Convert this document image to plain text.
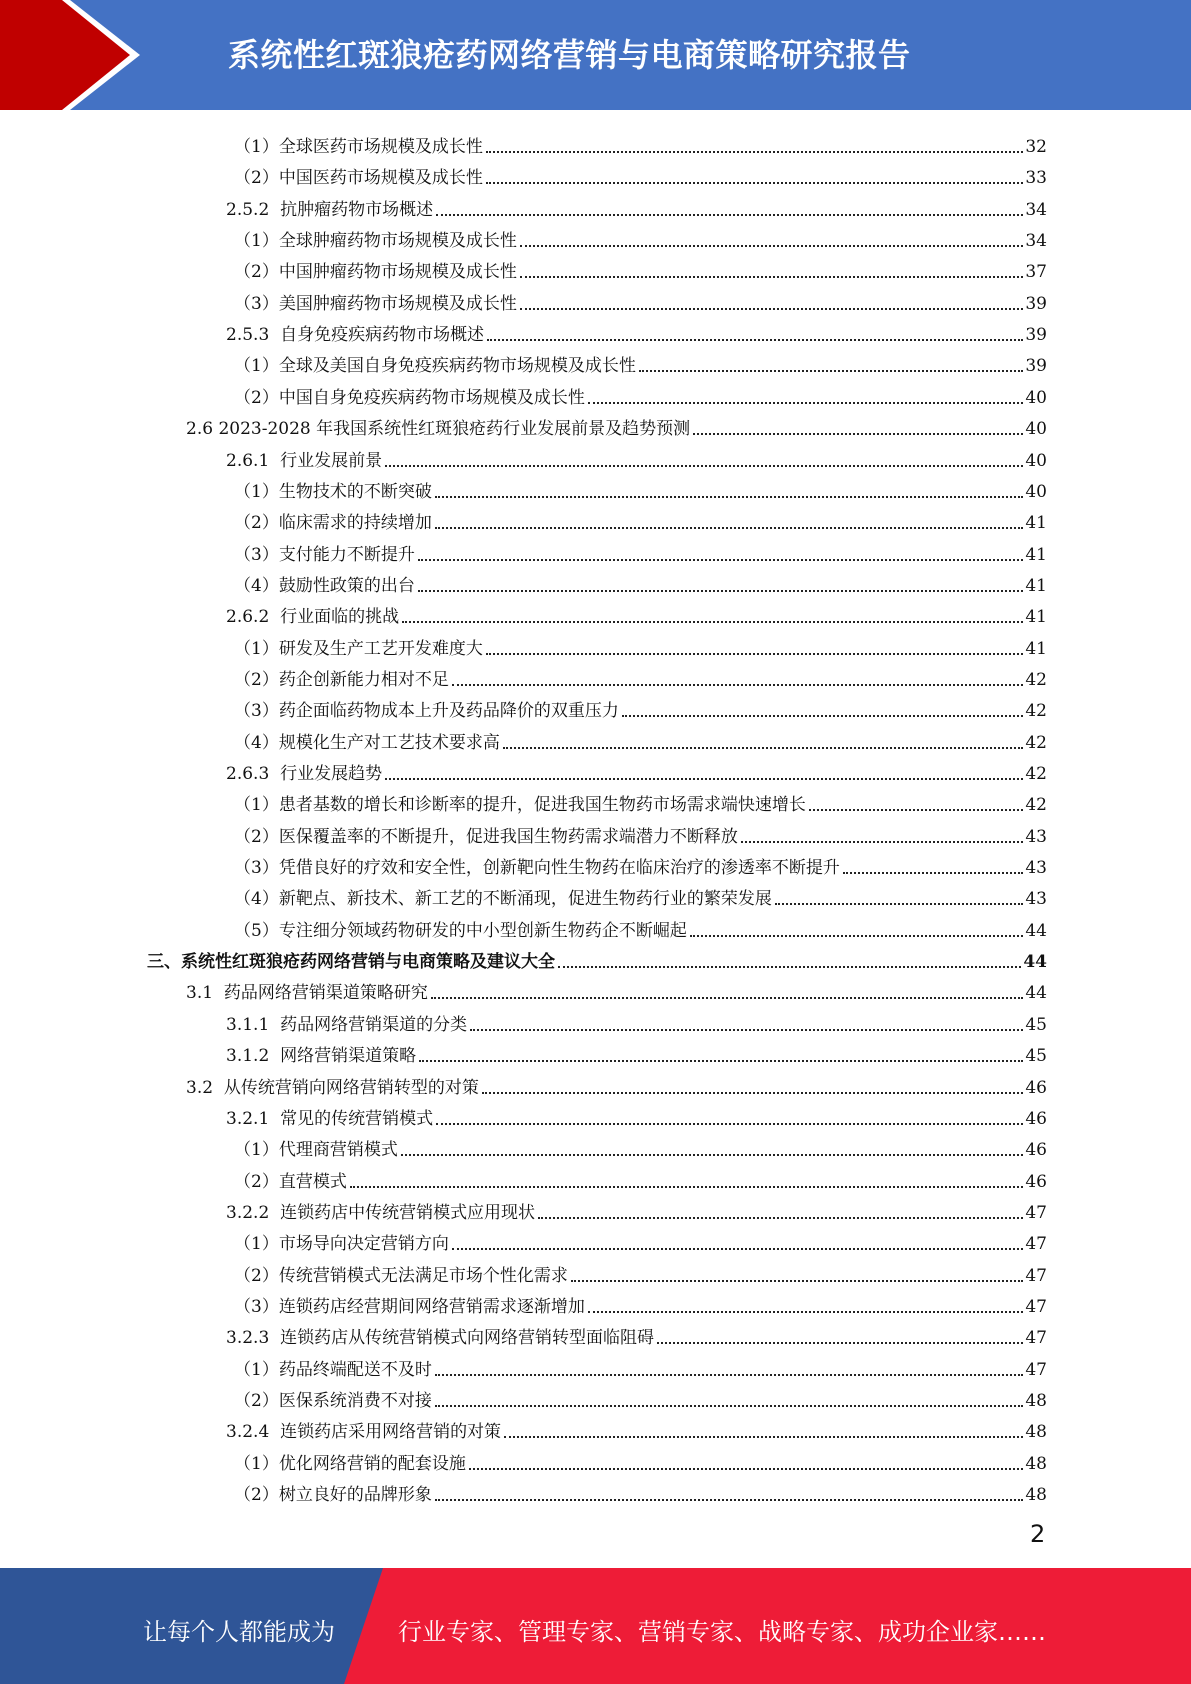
系统性红斑狼疮药网络营销与电商策略研究报告
（1）全球医药市场规模及成长性	32
（2）中国医药市场规模及成长性	33
2.5.2  抗肿瘤药物市场概述	34
（1）全球肿瘤药物市场规模及成长性	34
（2）中国肿瘤药物市场规模及成长性	37
（3）美国肿瘤药物市场规模及成长性	39
2.5.3  自身免疫疾病药物市场概述	39
（1）全球及美国自身免疫疾病药物市场规模及成长性	39
（2）中国自身免疫疾病药物市场规模及成长性	40
2.6 2023-2028 年我国系统性红斑狼疮药行业发展前景及趋势预测	40
2.6.1  行业发展前景	40
（1）生物技术的不断突破	40
（2）临床需求的持续增加	41
（3）支付能力不断提升	41
（4）鼓励性政策的出台	41
2.6.2  行业面临的挑战	41
（1）研发及生产工艺开发难度大	41
（2）药企创新能力相对不足	42
（3）药企面临药物成本上升及药品降价的双重压力	42
（4）规模化生产对工艺技术要求高	42
2.6.3  行业发展趋势	42
（1）患者基数的增长和诊断率的提升，促进我国生物药市场需求端快速增长	42
（2）医保覆盖率的不断提升，促进我国生物药需求端潜力不断释放	43
（3）凭借良好的疗效和安全性，创新靶向性生物药在临床治疗的渗透率不断提升	43
（4）新靶点、新技术、新工艺的不断涌现，促进生物药行业的繁荣发展	43
（5）专注细分领域药物研发的中小型创新生物药企不断崛起	44
三、系统性红斑狼疮药网络营销与电商策略及建议大全	44
3.1  药品网络营销渠道策略研究	44
3.1.1  药品网络营销渠道的分类	45
3.1.2  网络营销渠道策略	45
3.2  从传统营销向网络营销转型的对策	46
3.2.1  常见的传统营销模式	46
（1）代理商营销模式	46
（2）直营模式	46
3.2.2  连锁药店中传统营销模式应用现状	47
（1）市场导向决定营销方向	47
（2）传统营销模式无法满足市场个性化需求	47
（3）连锁药店经营期间网络营销需求逐渐增加	47
3.2.3  连锁药店从传统营销模式向网络营销转型面临阻碍	47
（1）药品终端配送不及时	47
（2）医保系统消费不对接	48
3.2.4  连锁药店采用网络营销的对策	48
（1）优化网络营销的配套设施	48
（2）树立良好的品牌形象	48
2
让每个人都能成为	行业专家、管理专家、营销专家、战略专家、成功企业家……
